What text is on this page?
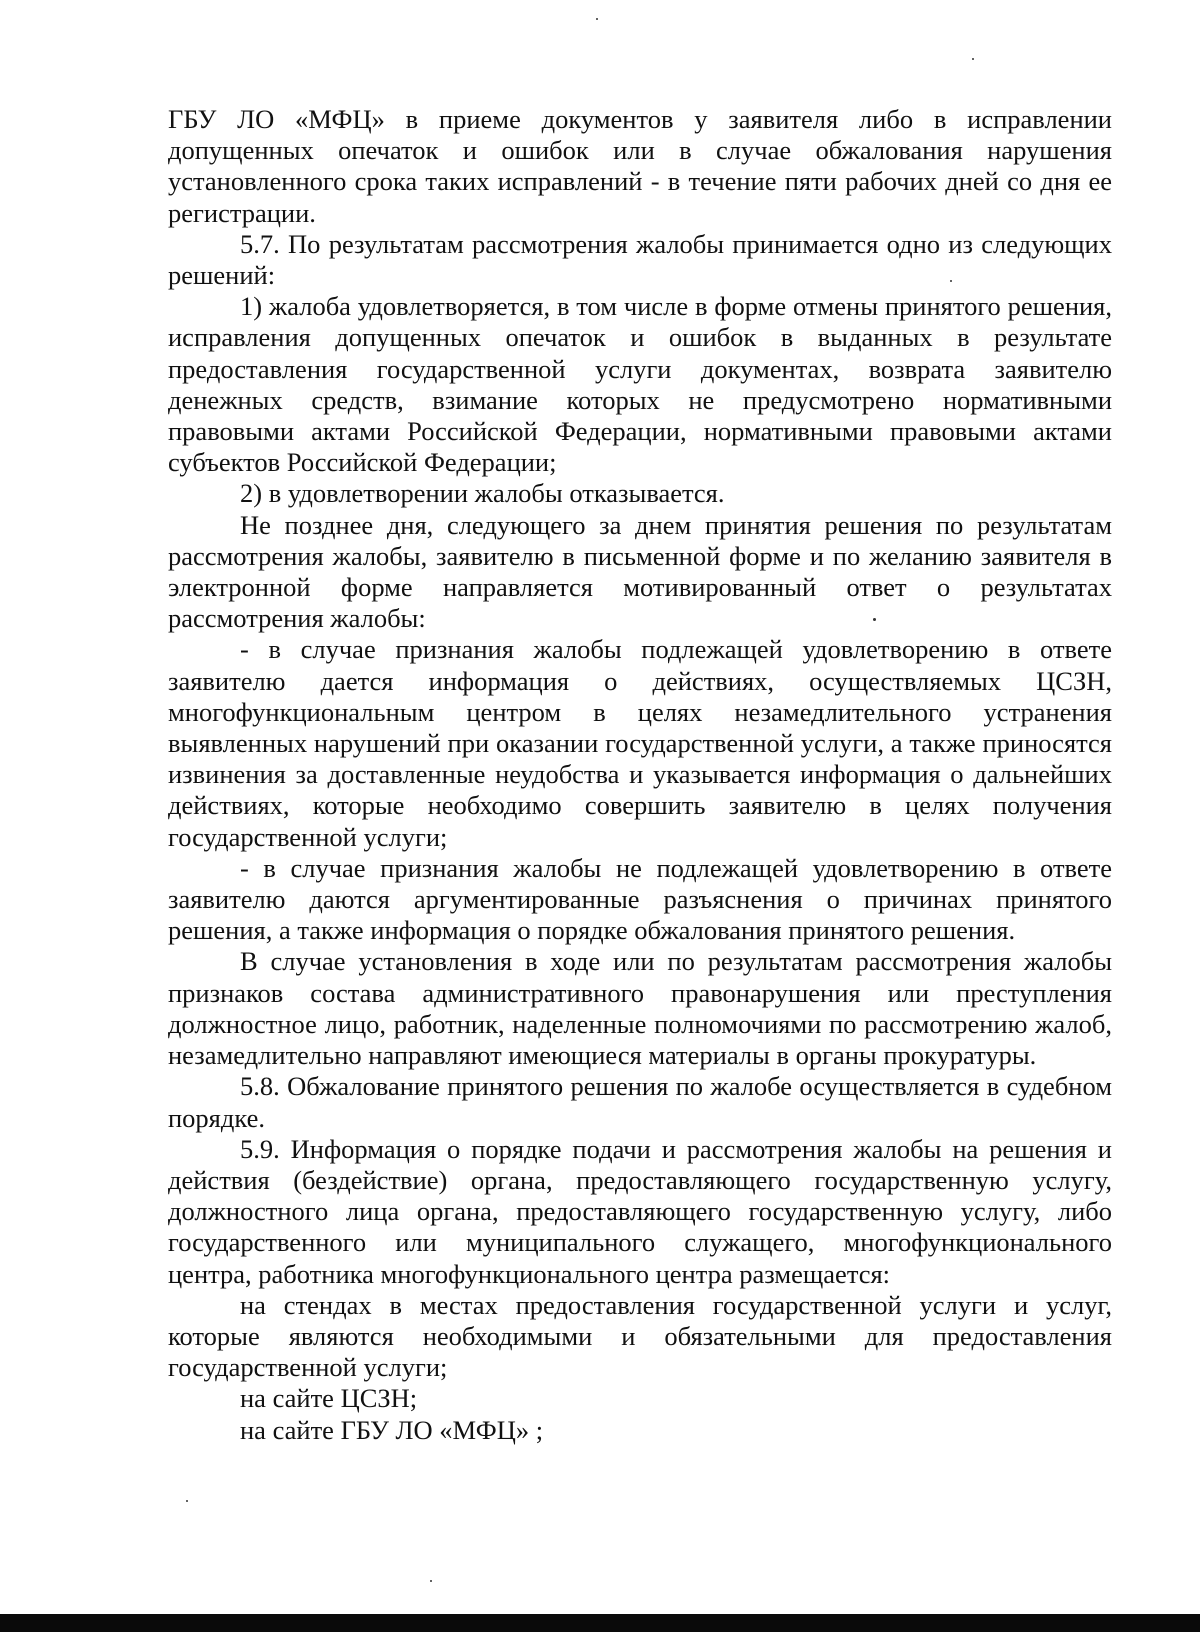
ГБУ ЛО «МФЦ» в приеме документов у заявителя либо в исправлении допущенных опечаток и ошибок или в случае обжалования нарушения установленного срока таких исправлений - в течение пяти рабочих дней со дня ее регистрации.

5.7. По результатам рассмотрения жалобы принимается одно из следующих решений:

1) жалоба удовлетворяется, в том числе в форме отмены принятого решения, исправления допущенных опечаток и ошибок в выданных в результате предоставления государственной услуги документах, возврата заявителю денежных средств, взимание которых не предусмотрено нормативными правовыми актами Российской Федерации, нормативными правовыми актами субъектов Российской Федерации;

2) в удовлетворении жалобы отказывается.

Не позднее дня, следующего за днем принятия решения по результатам рассмотрения жалобы, заявителю в письменной форме и по желанию заявителя в электронной форме направляется мотивированный ответ о результатах рассмотрения жалобы:

- в случае признания жалобы подлежащей удовлетворению в ответе заявителю дается информация о действиях, осуществляемых ЦСЗН, многофункциональным центром в целях незамедлительного устранения выявленных нарушений при оказании государственной услуги, а также приносятся извинения за доставленные неудобства и указывается информация о дальнейших действиях, которые необходимо совершить заявителю в целях получения государственной услуги;

- в случае признания жалобы не подлежащей удовлетворению в ответе заявителю даются аргументированные разъяснения о причинах принятого решения, а также информация о порядке обжалования принятого решения.

В случае установления в ходе или по результатам рассмотрения жалобы признаков состава административного правонарушения или преступления должностное лицо, работник, наделенные полномочиями по рассмотрению жалоб, незамедлительно направляют имеющиеся материалы в органы прокуратуры.

5.8. Обжалование принятого решения по жалобе осуществляется в судебном порядке.

5.9. Информация о порядке подачи и рассмотрения жалобы на решения и действия (бездействие) органа, предоставляющего государственную услугу, должностного лица органа, предоставляющего государственную услугу, либо государственного или муниципального служащего, многофункционального центра, работника многофункционального центра размещается:

на стендах в местах предоставления государственной услуги и услуг, которые являются необходимыми и обязательными для предоставления государственной услуги;

на сайте ЦСЗН;

на сайте ГБУ ЛО «МФЦ» ;
